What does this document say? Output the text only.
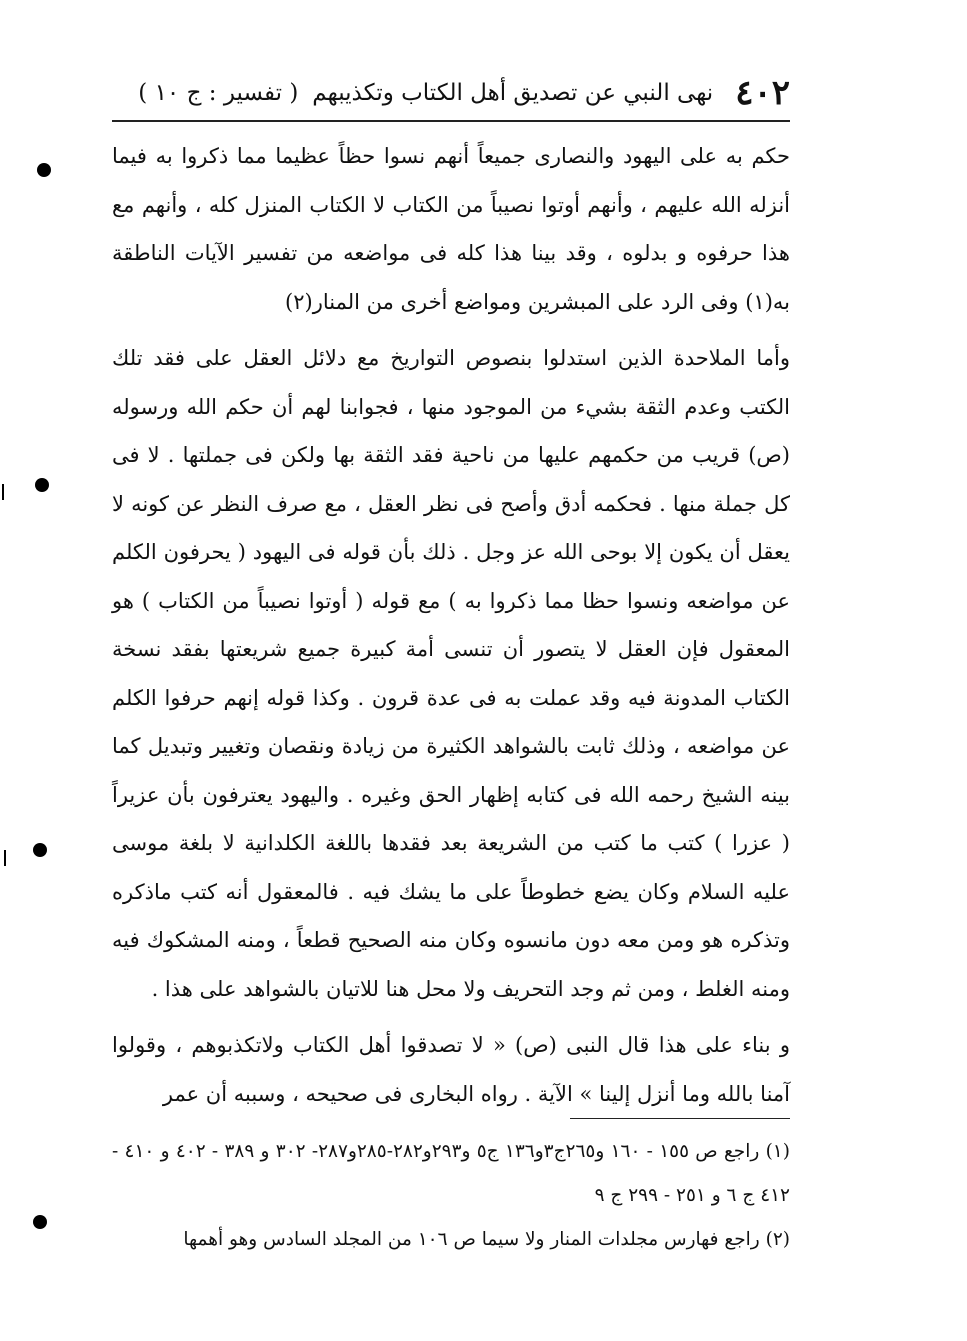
٤٠٢
نهى النبي عن تصديق أهل الكتاب وتكذيبهم
( تفسير : ج ١٠ )

حكم به على اليهود والنصارى جميعاً أنهم نسوا حظاً عظيما مما ذكروا به فيما أنزله الله عليهم ، وأنهم أوتوا نصيباً من الكتاب لا الكتاب المنزل كله ، وأنهم مع هذا حرفوه و بدلوه ، وقد بينا هذا كله فى مواضعه من تفسير الآيات الناطقة به(١) وفى الرد على المبشرين ومواضع أخرى من المنار(٢)

وأما الملاحدة الذين استدلوا بنصوص التواريخ مع دلائل العقل على فقد تلك الكتب وعدم الثقة بشيء من الموجود منها ، فجوابنا لهم أن حكم الله ورسوله (ص) قريب من حكمهم عليها من ناحية فقد الثقة بها ولكن فى جملتها . لا فى كل جملة منها . فحكمه أدق وأصح فى نظر العقل ، مع صرف النظر عن كونه لا يعقل أن يكون إلا بوحى الله عز وجل . ذلك بأن قوله فى اليهود ( يحرفون الكلم عن مواضعه ونسوا حظا مما ذكروا به ) مع قوله ( أوتوا نصيباً من الكتاب ) هو المعقول فإن العقل لا يتصور أن تنسى أمة كبيرة جميع شريعتها بفقد نسخة الكتاب المدونة فيه وقد عملت به فى عدة قرون . وكذا قوله إنهم حرفوا الكلم عن مواضعه ، وذلك ثابت بالشواهد الكثيرة من زيادة ونقصان وتغيير وتبديل كما بينه الشيخ رحمه الله فى كتابه إظهار الحق وغيره . واليهود يعترفون بأن عزيراً ( عزرا ) كتب ما كتب من الشريعة بعد فقدها باللغة الكلدانية لا بلغة موسى عليه السلام وكان يضع خطوطاً على ما يشك فيه . فالمعقول أنه كتب ماذكره وتذكره هو ومن معه دون مانسوه وكان منه الصحيح قطعاً ، ومنه المشكوك فيه ومنه الغلط ، ومن ثم وجد التحريف ولا محل هنا للاتيان بالشواهد على هذا .

و بناء على هذا قال النبى (ص) « لا تصدقوا أهل الكتاب ولاتكذبوهم ، وقولوا آمنا بالله وما أنزل إلينا » الآية . رواه البخارى فى صحيحه ، وسببه أن عمر

(١) راجع ص ١٥٥ - ١٦٠ و٢٦٥ج٣و١٣٦ ج٥ و٢٩٣و٢٨٢-٢٨٥و٢٨٧- ٣٠٢ و ٣٨٩ - ٤٠٢ و ٤١٠ - ٤١٢ ج ٦ و ٢٥١ - ٢٩٩ ج ٩

(٢) راجع فهارس مجلدات المنار ولا سيما ص ١٠٦ من المجلد السادس وهو أهمها
